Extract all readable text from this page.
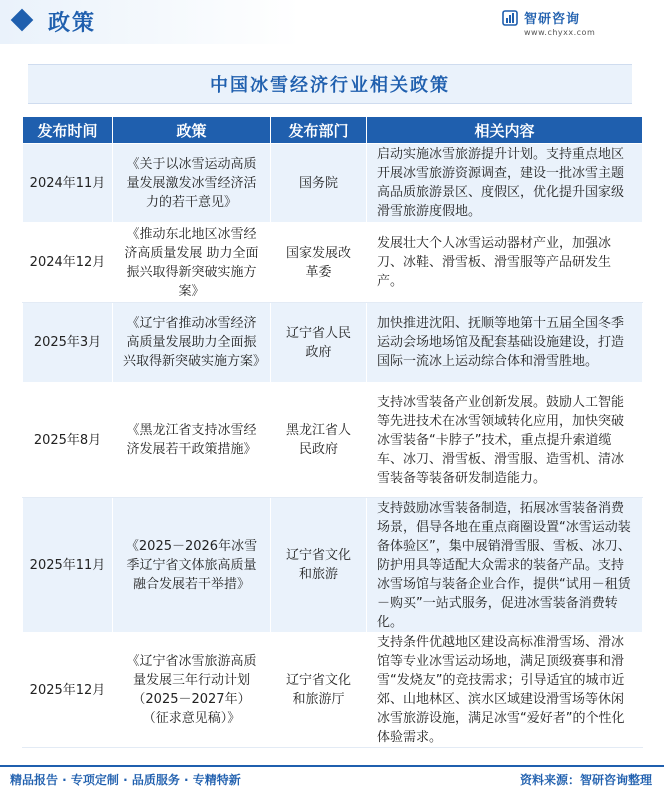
政策	智研咨询
www.chyxx.com
中国冰雪经济行业相关政策
发布时间	政策	发布部门	相关内容
2024年11月	《关于以冰雪运动高质量发展激发冰雪经济活力的若干意见》	国务院	启动实施冰雪旅游提升计划。支持重点地区开展冰雪旅游资源调查，建设一批冰雪主题高品质旅游景区、度假区，优化提升国家级滑雪旅游度假地。
2024年12月	《推动东北地区冰雪经济高质量发展 助力全面振兴取得新突破实施方案》	国家发展改革委	发展壮大个人冰雪运动器材产业，加强冰刀、冰鞋、滑雪板、滑雪服等产品研发生产。
2025年3月	《辽宁省推动冰雪经济高质量发展助力全面振兴取得新突破实施方案》	辽宁省人民政府	加快推进沈阳、抚顺等地第十五届全国冬季运动会场地场馆及配套基础设施建设，打造国际一流冰上运动综合体和滑雪胜地。
2025年8月	《黑龙江省支持冰雪经济发展若干政策措施》	黑龙江省人民政府	支持冰雪装备产业创新发展。鼓励人工智能等先进技术在冰雪领域转化应用，加快突破冰雪装备“卡脖子”技术，重点提升索道缆车、冰刀、滑雪板、滑雪服、造雪机、清冰雪装备等装备研发制造能力。
2025年11月	《2025－2026年冰雪季辽宁省文体旅高质量融合发展若干举措》	辽宁省文化和旅游	支持鼓励冰雪装备制造，拓展冰雪装备消费场景，倡导各地在重点商圈设置“冰雪运动装备体验区”，集中展销滑雪服、雪板、冰刀、防护用具等适配大众需求的装备产品。支持冰雪场馆与装备企业合作，提供“试用－租赁－购买”一站式服务，促进冰雪装备消费转化。
2025年12月	《辽宁省冰雪旅游高质量发展三年行动计划（2025－2027年）（征求意见稿）》	辽宁省文化和旅游厅	支持条件优越地区建设高标准滑雪场、滑冰馆等专业冰雪运动场地，满足顶级赛事和滑雪“发烧友”的竞技需求；引导适宜的城市近郊、山地林区、滨水区域建设滑雪场等休闲冰雪旅游设施，满足冰雪“爱好者”的个性化体验需求。
精品报告 · 专项定制 · 品质服务 · 专精特新	资料来源：智研咨询整理
